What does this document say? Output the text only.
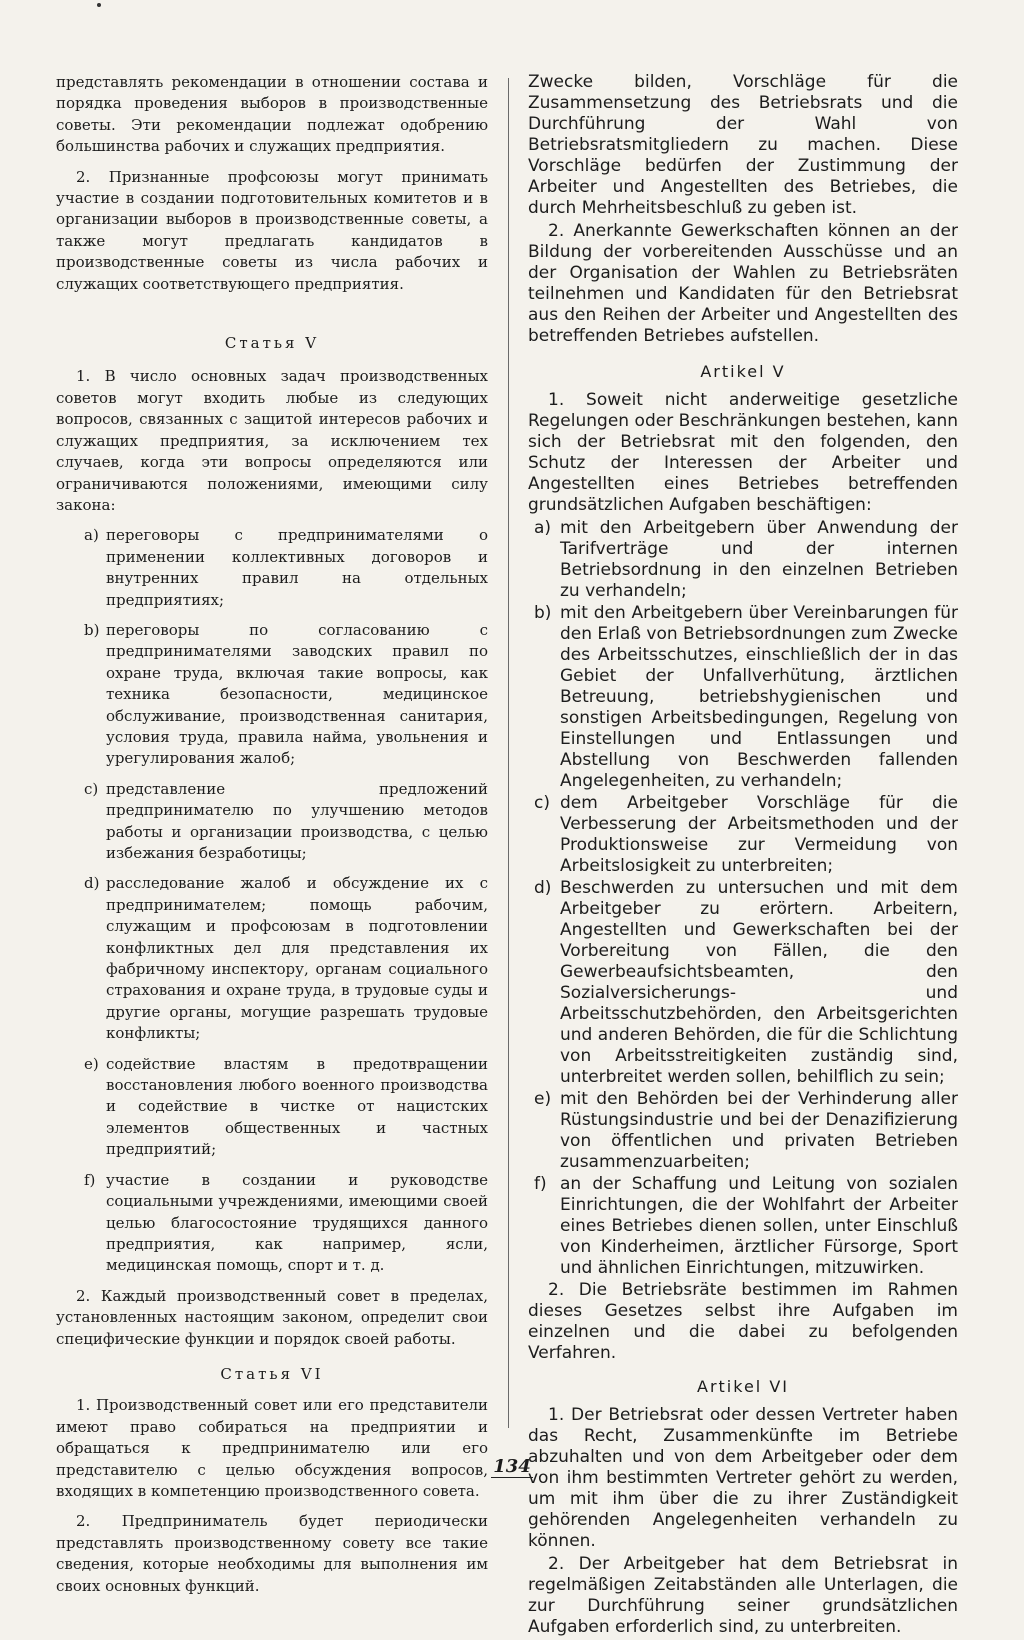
представлять рекомендации в отношении состава и порядка проведения выборов в производственные советы. Эти рекомендации подлежат одобрению большинства рабочих и служащих предприятия.

2. Признанные профсоюзы могут принимать участие в создании подготовительных комитетов и в организации выборов в производственные советы, а также могут предлагать кандидатов в производственные советы из числа рабочих и служащих соответствующего предприятия.

Статья V

1. В число основных задач производственных советов могут входить любые из следующих вопросов, связанных с защитой интересов рабочих и служащих предприятия, за исключением тех случаев, когда эти вопросы определяются или ограничиваются положениями, имеющими силу закона:

a) переговоры с предпринимателями о применении коллективных договоров и внутренних правил на отдельных предприятиях;
b) переговоры по согласованию с предпринимателями заводских правил по охране труда, включая такие вопросы, как техника безопасности, медицинское обслуживание, производственная санитария, условия труда, правила найма, увольнения и урегулирования жалоб;
c) представление предложений предпринимателю по улучшению методов работы и организации производства, с целью избежания безработицы;
d) расследование жалоб и обсуждение их с предпринимателем; помощь рабочим, служащим и профсоюзам в подготовлении конфликтных дел для представления их фабричному инспектору, органам социального страхования и охране труда, в трудовые суды и другие органы, могущие разрешать трудовые конфликты;
e) содействие властям в предотвращении восстановления любого военного производства и содействие в чистке от нацистских элементов общественных и частных предприятий;
f) участие в создании и руководстве социальными учреждениями, имеющими своей целью благосостояние трудящихся данного предприятия, как например, ясли, медицинская помощь, спорт и т. д.

2. Каждый производственный совет в пределах, установленных настоящим законом, определит свои специфические функции и порядок своей работы.

Статья VI

1. Производственный совет или его представители имеют право собираться на предприятии и обращаться к предпринимателю или его представителю с целью обсуждения вопросов, входящих в компетенцию производственного совета.

2. Предприниматель будет периодически представлять производственному совету все такие сведения, которые необходимы для выполнения им своих основных функций.

Zwecke bilden, Vorschläge für die Zusammensetzung des Betriebsrats und die Durchführung der Wahl von Betriebsratsmitgliedern zu machen. Diese Vorschläge bedürfen der Zustimmung der Arbeiter und Angestellten des Betriebes, die durch Mehrheitsbeschluß zu geben ist.

2. Anerkannte Gewerkschaften können an der Bildung der vorbereitenden Ausschüsse und an der Organisation der Wahlen zu Betriebsräten teilnehmen und Kandidaten für den Betriebsrat aus den Reihen der Arbeiter und Angestellten des betreffenden Betriebes aufstellen.

Artikel V

1. Soweit nicht anderweitige gesetzliche Regelungen oder Beschränkungen bestehen, kann sich der Betriebsrat mit den folgenden, den Schutz der Interessen der Arbeiter und Angestellten eines Betriebes betreffenden grundsätzlichen Aufgaben beschäftigen:

a) mit den Arbeitgebern über Anwendung der Tarifverträge und der internen Betriebsordnung in den einzelnen Betrieben zu verhandeln;
b) mit den Arbeitgebern über Vereinbarungen für den Erlaß von Betriebsordnungen zum Zwecke des Arbeitsschutzes, einschließlich der in das Gebiet der Unfallverhütung, ärztlichen Betreuung, betriebshygienischen und sonstigen Arbeitsbedingungen, Regelung von Einstellungen und Entlassungen und Abstellung von Beschwerden fallenden Angelegenheiten, zu verhandeln;
c) dem Arbeitgeber Vorschläge für die Verbesserung der Arbeitsmethoden und der Produktionsweise zur Vermeidung von Arbeitslosigkeit zu unterbreiten;
d) Beschwerden zu untersuchen und mit dem Arbeitgeber zu erörtern. Arbeitern, Angestellten und Gewerkschaften bei der Vorbereitung von Fällen, die den Gewerbeaufsichtsbeamten, den Sozialversicherungs- und Arbeitsschutzbehörden, den Arbeitsgerichten und anderen Behörden, die für die Schlichtung von Arbeitsstreitigkeiten zuständig sind, unterbreitet werden sollen, behilflich zu sein;
e) mit den Behörden bei der Verhinderung aller Rüstungsindustrie und bei der Denazifizierung von öffentlichen und privaten Betrieben zusammenzuarbeiten;
f) an der Schaffung und Leitung von sozialen Einrichtungen, die der Wohlfahrt der Arbeiter eines Betriebes dienen sollen, unter Einschluß von Kinderheimen, ärztlicher Fürsorge, Sport und ähnlichen Einrichtungen, mitzuwirken.

2. Die Betriebsräte bestimmen im Rahmen dieses Gesetzes selbst ihre Aufgaben im einzelnen und die dabei zu befolgenden Verfahren.

Artikel VI

1. Der Betriebsrat oder dessen Vertreter haben das Recht, Zusammenkünfte im Betriebe abzuhalten und von dem Arbeitgeber oder dem von ihm bestimmten Vertreter gehört zu werden, um mit ihm über die zu ihrer Zuständigkeit gehörenden Angelegenheiten verhandeln zu können.

2. Der Arbeitgeber hat dem Betriebsrat in regelmäßigen Zeitabständen alle Unterlagen, die zur Durchführung seiner grundsätzlichen Aufgaben erforderlich sind, zu unterbreiten.

134
